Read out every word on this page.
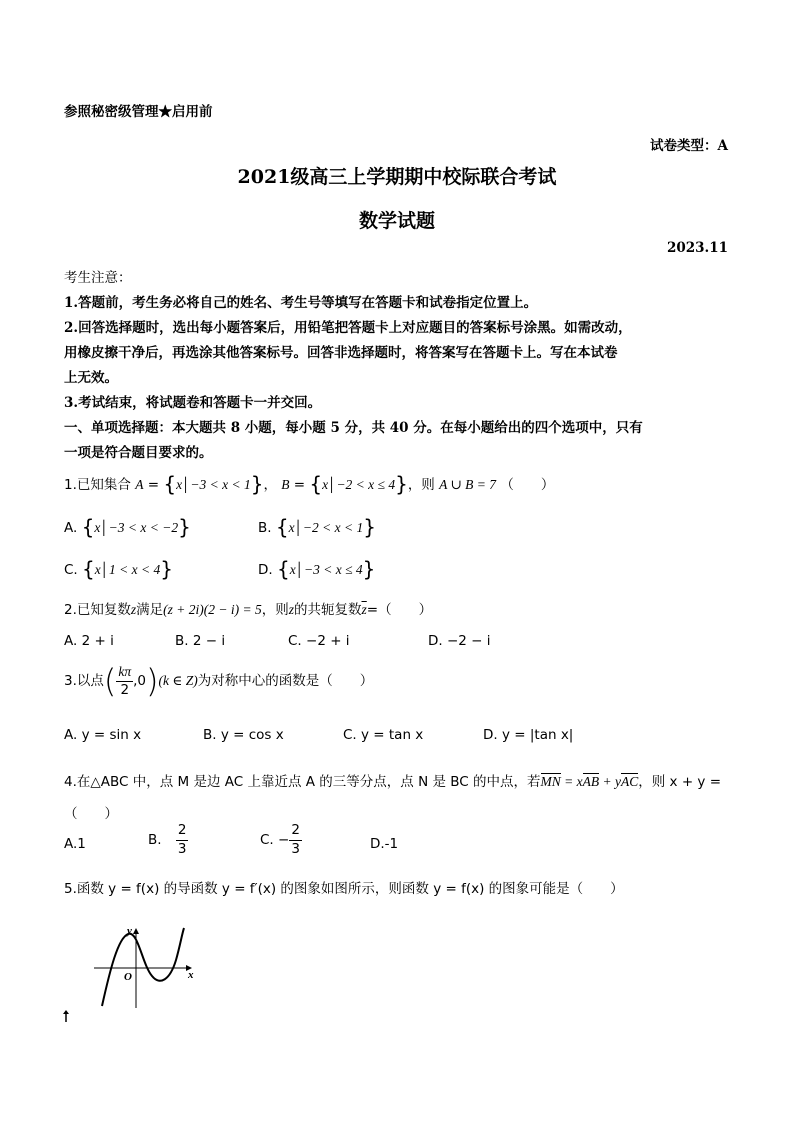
参照秘密级管理★启用前
试卷类型：A
2021级高三上学期期中校际联合考试
数学试题
2023.11
考生注意：
1.答题前，考生务必将自己的姓名、考生号等填写在答题卡和试卷指定位置上。
2.回答选择题时，选出每小题答案后，用铅笔把答题卡上对应题目的答案标号涂黑。如需改动，
用橡皮擦干净后，再选涂其他答案标号。回答非选择题时，将答案写在答题卡上。写在本试卷
上无效。
3.考试结束，将试题卷和答题卡一并交回。
一、单项选择题：本大题共 8 小题，每小题 5 分，共 40 分。在每小题给出的四个选项中，只有
一项是符合题目要求的。
1.已知集合 A = {x│−3 < x < 1}， B = {x│−2 < x ≤ 4}，则 A ∪ B = 7 （　　）
A. {x│−3 < x < −2}	B. {x│−2 < x < 1}
C. {x│1 < x < 4}	D. {x│−3 < x ≤ 4}
2.已知复数z满足(z + 2i)(2 − i) = 5，则z的共轭复数$\overline{z}=$（　　）
A. 2 + i	B. 2 − i	C. −2 + i	D. −2 − i
3.以点( $\frac{k\pi}{2} ,0)(k$ ∈ Z)为对称中心的函数是（　　）
A. y = sin x	B. y = cos x	C. y = tan x	D. y = |tan x|
4.在△ABC 中，点 M 是边 AC 上靠近点 A 的三等分点，点 N 是 BC 的中点，若MN = xAB + yAC，则 x + y =
（　　）
A.1	B. $\frac{2}{3}$	C. − $\frac{2}{3}$	D.-1
5.函数 y = f(x) 的导函数 y = f′(x) 的图象如图所示，则函数 y = f(x) 的图象可能是（　　）
y
x
O
